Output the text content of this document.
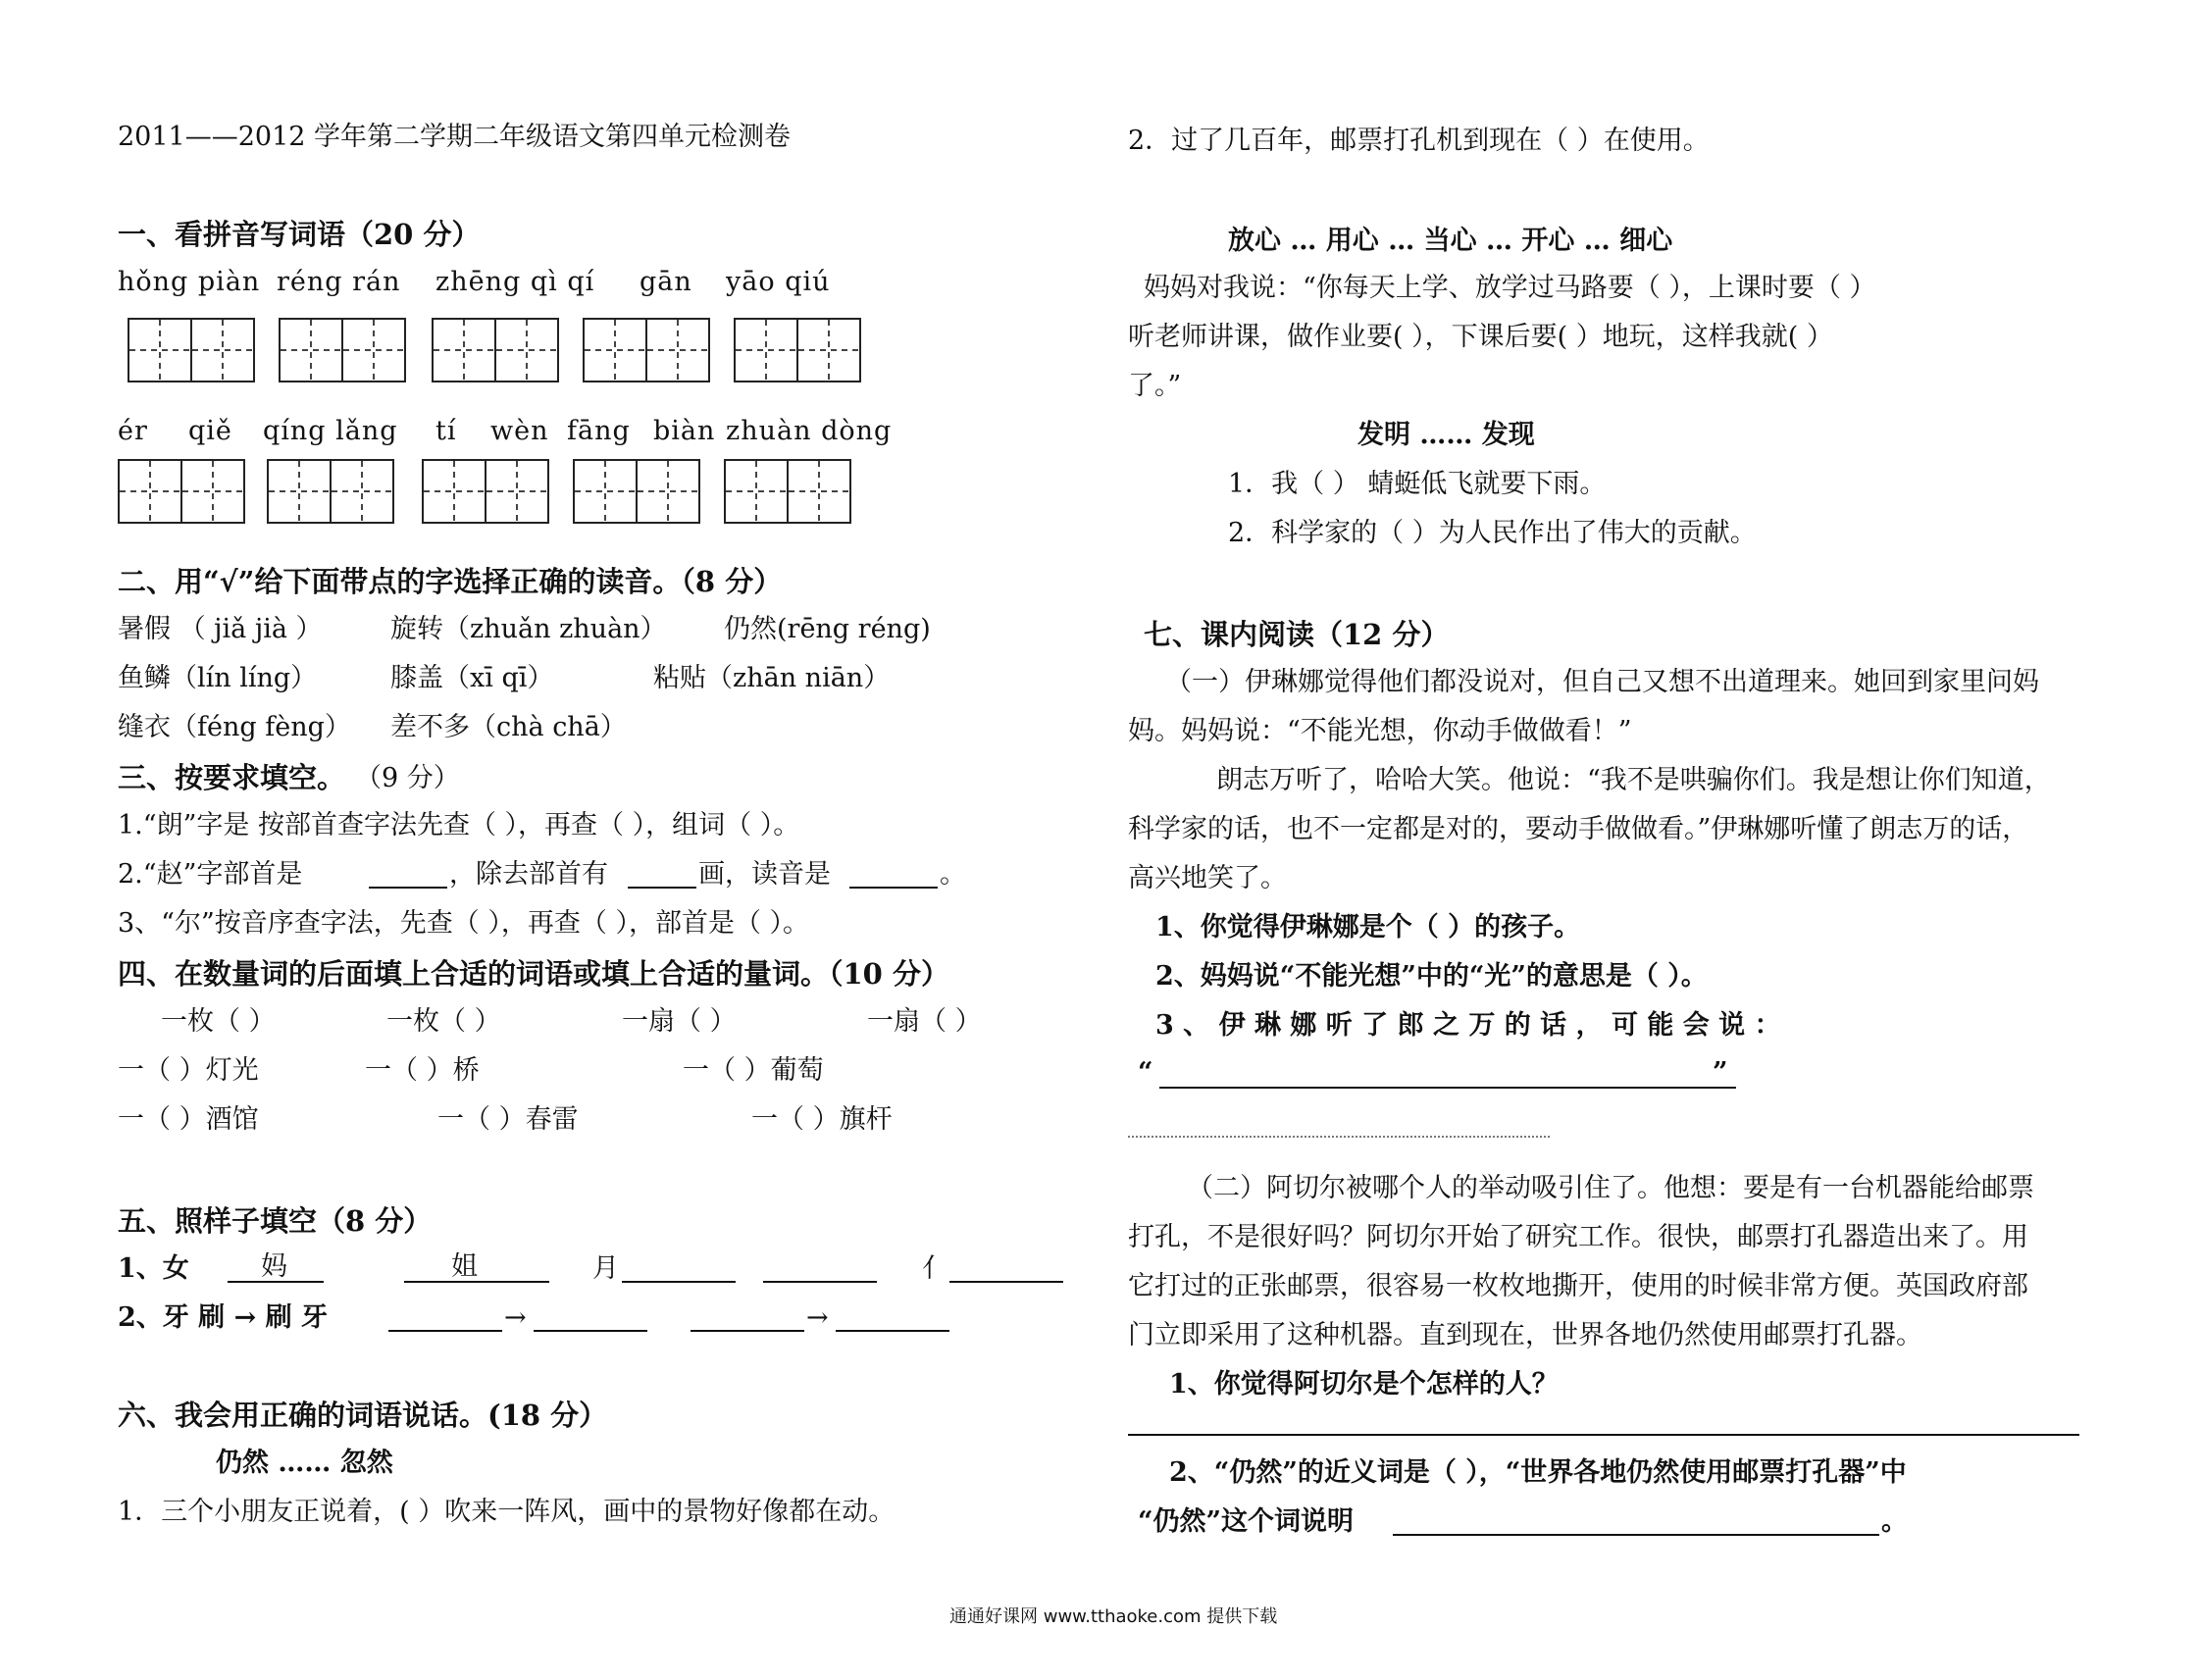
2011——2012 学年第二学期二年级语文第四单元检测卷
一、看拼音写词语（20 分）
hǒng piàn réng rán zhēng qì qí gān yāo qiú
ér qiě qíng lǎng tí wèn fāng biàn zhuàn dòng
二、用“√”给下面带点的字选择正确的读音。（8 分）
暑假 （ jiǎ jià ）	旋转（zhuǎn zhuàn） 仍然(rēng réng)
鱼鳞（lín líng）	膝盖（xī qī）	粘贴（zhān niān）
缝衣（féng fèng） 差不多（chà chā）
三、按要求填空。 （9 分）
1.“朗”字是 按部首查字法先查（ ），再查（ ），组词（ ）。
2.“赵”字部首是	，除去部首有	画，读音是	。
3、“尔”按音序查字法，先查（ ），再查（ ），部首是（ ）。
四、在数量词的后面填上合适的词语或填上合适的量词。（10 分）
一枚（ ）	一枚（ ）	一扇（ ）	一扇（ ）
一（ ）灯光	一（ ）桥	一（ ）葡萄
一（ ）酒馆	一（ ）春雷	一（ ）旗杆
五、照样子填空（8 分）
1、女	妈	姐	月	亻
2、牙 刷 → 刷 牙	→	→
六、我会用正确的词语说话。(18 分）
仍然 …… 忽然
1．三个小朋友正说着，( ）吹来一阵风，画中的景物好像都在动。
2．过了几百年，邮票打孔机到现在（ ）在使用。
放心 … 用心 … 当心 … 开心 … 细心
妈妈对我说：“你每天上学、放学过马路要（ ），上课时要（ ）
听老师讲课，做作业要( ），下课后要( ）地玩，这样我就( ）
了。”
发明 …… 发现
1．我（ ） 蜻蜓低飞就要下雨。
2．科学家的（ ）为人民作出了伟大的贡献。
七、课内阅读（12 分）
（一）伊琳娜觉得他们都没说对，但自己又想不出道理来。她回到家里问妈
妈。妈妈说：“不能光想，你动手做做看！”
朗志万听了，哈哈大笑。他说：“我不是哄骗你们。我是想让你们知道，
科学家的话，也不一定都是对的，要动手做做看。”伊琳娜听懂了朗志万的话，
高兴地笑了。
1、你觉得伊琳娜是个（ ）的孩子。
2、妈妈说“不能光想”中的“光”的意思是（ ）。
3 、 伊 琳 娜 听 了 郎 之 万 的 话 ， 可 能 会 说 ：
“	”
（二）阿切尔被哪个人的举动吸引住了。他想：要是有一台机器能给邮票
打孔，不是很好吗？阿切尔开始了研究工作。很快，邮票打孔器造出来了。用
它打过的正张邮票，很容易一枚枚地撕开，使用的时候非常方便。英国政府部
门立即采用了这种机器。直到现在，世界各地仍然使用邮票打孔器。
1、你觉得阿切尔是个怎样的人？
2、“仍然”的近义词是（ ），“世界各地仍然使用邮票打孔器”中
“仍然”这个词说明	。
通通好课网 www.tthaoke.com 提供下载
